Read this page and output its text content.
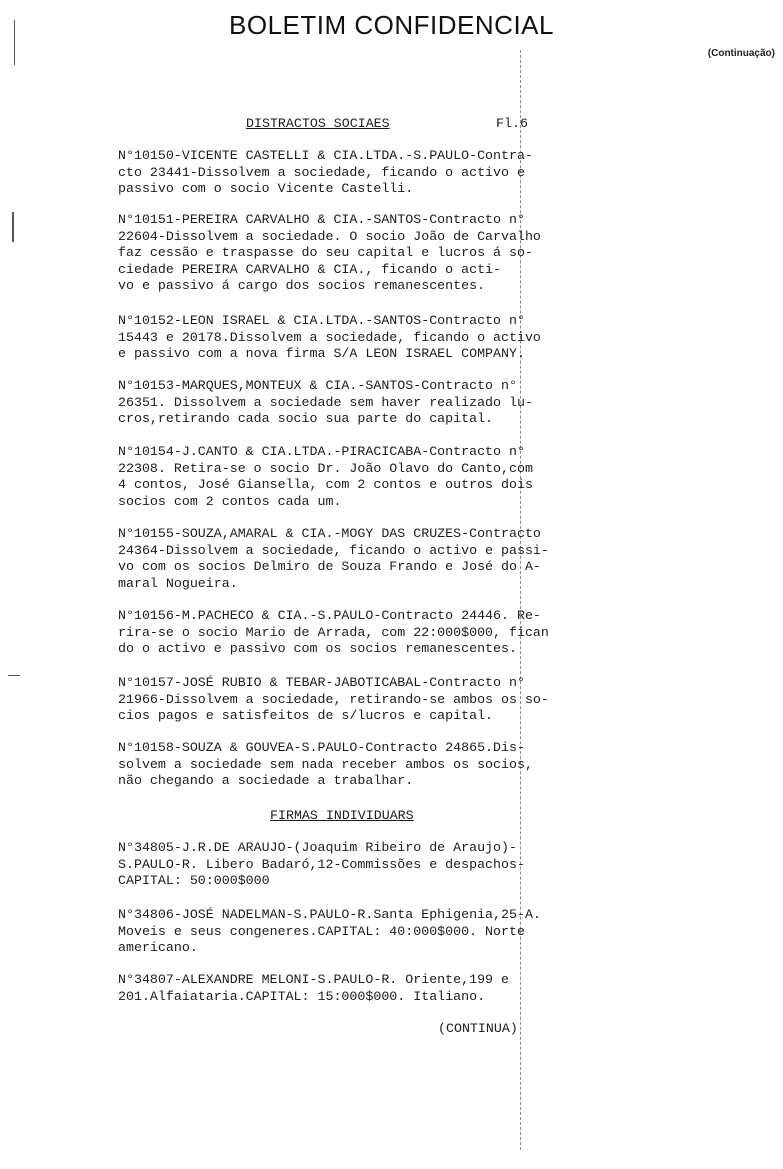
BOLETIM CONFIDENCIAL
(Continuação)
DISTRACTOS SOCIAES	Fl.6
N°10150-VICENTE CASTELLI & CIA.LTDA.-S.PAULO-Contra-
cto 23441-Dissolvem a sociedade, ficando o activo e
passivo com o socio Vicente Castelli.
N°10151-PEREIRA CARVALHO & CIA.-SANTOS-Contracto n°
22604-Dissolvem a sociedade. O socio João de Carvalho
faz cessão e traspasse do seu capital e lucros á so-
ciedade PEREIRA CARVALHO & CIA., ficando o acti-
vo e passivo á cargo dos socios remanescentes.
N°10152-LEON ISRAEL & CIA.LTDA.-SANTOS-Contracto n°
15443 e 20178.Dissolvem a sociedade, ficando o activo
e passivo com a nova firma S/A LEON ISRAEL COMPANY.
N°10153-MARQUES,MONTEUX & CIA.-SANTOS-Contracto n°
26351. Dissolvem a sociedade sem haver realizado lu-
cros,retirando cada socio sua parte do capital.
N°10154-J.CANTO & CIA.LTDA.-PIRACICABA-Contracto n°
22308. Retira-se o socio Dr. João Olavo do Canto,com
4 contos, José Giansella, com 2 contos e outros dois
socios com 2 contos cada um.
N°10155-SOUZA,AMARAL & CIA.-MOGY DAS CRUZES-Contracto
24364-Dissolvem a sociedade, ficando o activo e passi-
vo com os socios Delmiro de Souza Frando e José do A-
maral Nogueira.
N°10156-M.PACHECO & CIA.-S.PAULO-Contracto 24446. Re-
rira-se o socio Mario de Arrada, com 22:000$000, fican
do o activo e passivo com os socios remanescentes.
N°10157-JOSÉ RUBIO & TEBAR-JABOTICABAL-Contracto n°
21966-Dissolvem a sociedade, retirando-se ambos os so-
cios pagos e satisfeitos de s/lucros e capital.
N°10158-SOUZA & GOUVEA-S.PAULO-Contracto 24865.Dis-
solvem a sociedade sem nada receber ambos os socios,
não chegando a sociedade a trabalhar.
FIRMAS INDIVIDUARS
N°34805-J.R.DE ARAUJO-(Joaquim Ribeiro de Araujo)-
S.PAULO-R. Libero Badaró,12-Commissões e despachos-
CAPITAL: 50:000$000
N°34806-JOSÉ NADELMAN-S.PAULO-R.Santa Ephigenia,25-A.
Moveis e seus congeneres.CAPITAL: 40:000$000. Norte
americano.
N°34807-ALEXANDRE MELONI-S.PAULO-R. Oriente,199 e
201.Alfaiataria.CAPITAL: 15:000$000. Italiano.
(CONTINUA)
